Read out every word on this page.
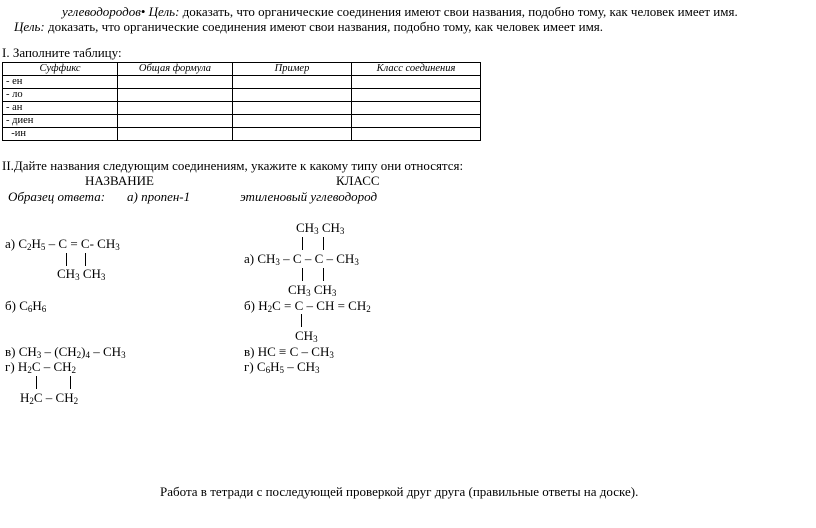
углеводородов• Цель: доказать, что органические соединения имеют свои названия, подобно тому, как человек имеет имя.
Цель: доказать, что органические соединения имеют свои названия, подобно тому, как человек имеет имя.
I. Заполните таблицу:
Суффикс	Общая формула	Пример	Класс соединения
- ен			
- ло			
- ан			
- диен			
-ин			
II.Дайте названия следующим соединениям, укажите к какому типу они относятся:
НАЗВАНИЕ	КЛАСС
Образец ответа: а) пропен-1	этиленовый углеводород
а) $C_2H_5 - C = C-$ $CH_3$
$CH_3$ $CH_3$
б) $C_6H_6$
в) $CH_3 - (CH_2)_4 - CH_3$
г) $H_2C - CH_2$
$H_2C - CH_2$
$CH_3$ $CH_3$
а) $CH_3$ – C – C – $CH_3$
$CH_3$ $CH_3$
б) $H_2C = C$ – CH = $CH_2$
$CH_3$
в) HC ≡ C – $CH_3$
г) $C_6H_5 - CH_3$
Работа в тетради с последующей проверкой друг друга (правильные ответы на доске).
